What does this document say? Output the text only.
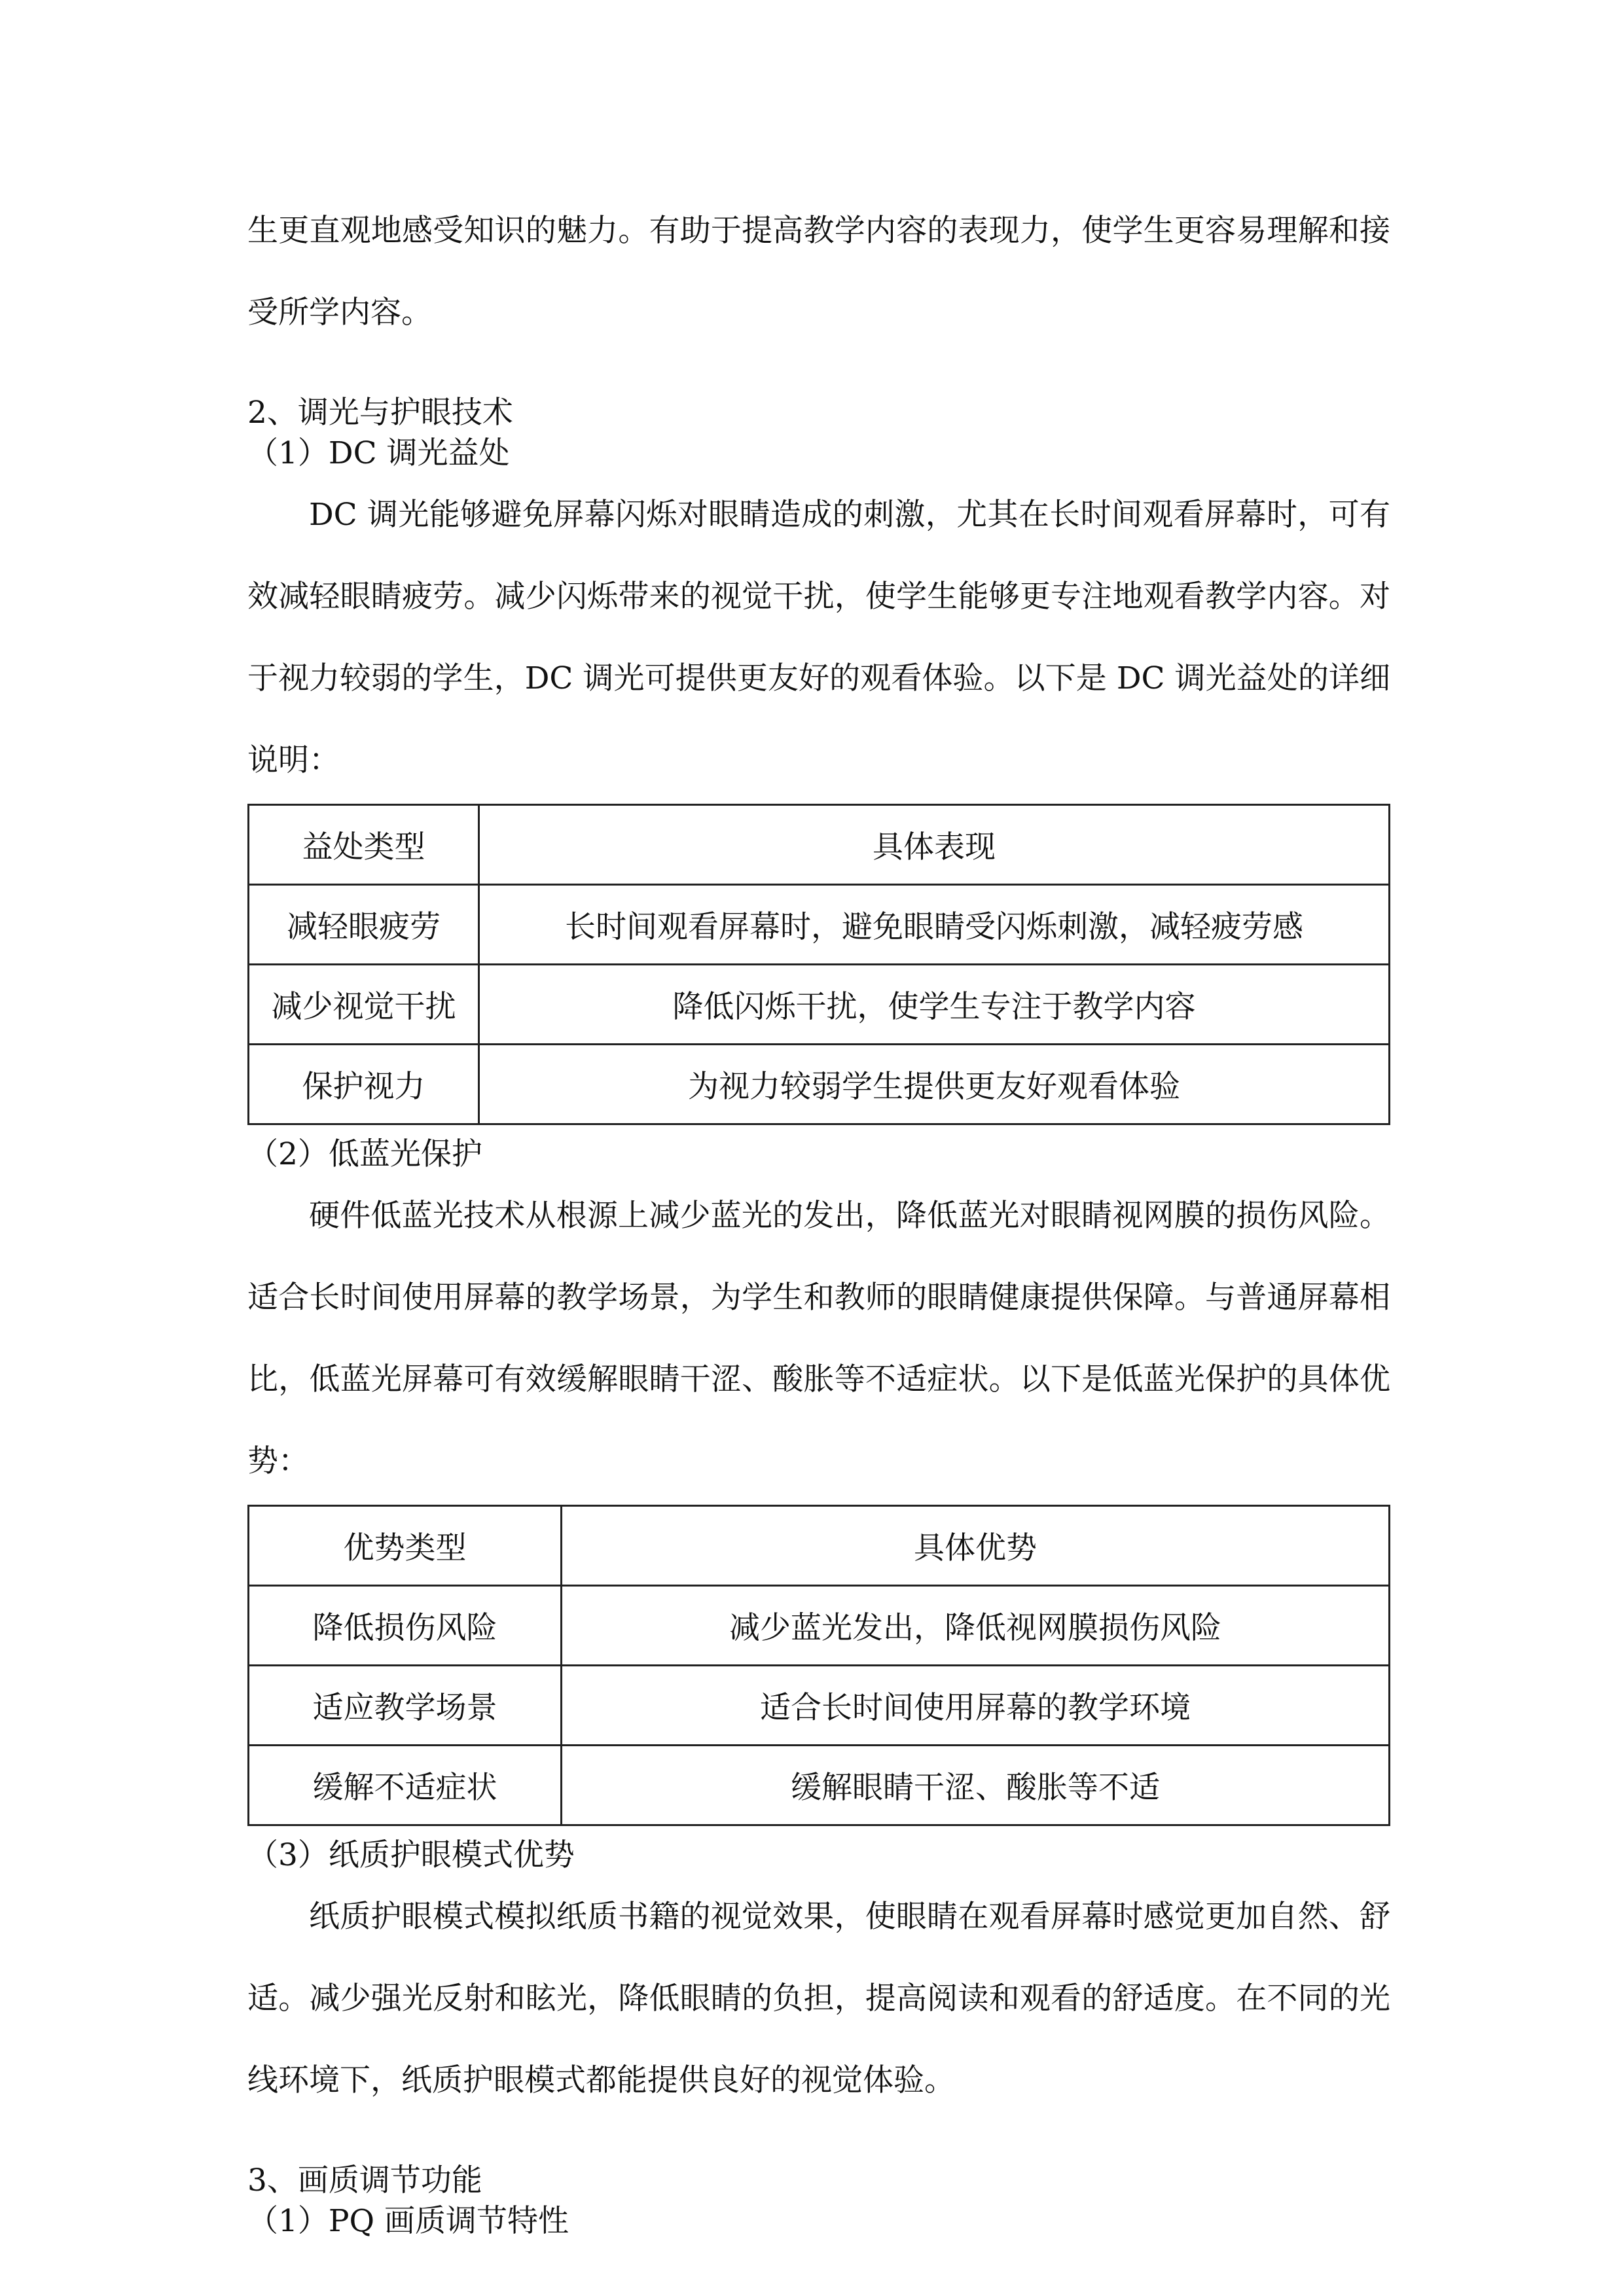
生更直观地感受知识的魅力。有助于提高教学内容的表现力，使学生更容易理解和接受所学内容。

2、调光与护眼技术

（1）DC 调光益处

DC 调光能够避免屏幕闪烁对眼睛造成的刺激，尤其在长时间观看屏幕时，可有效减轻眼睛疲劳。减少闪烁带来的视觉干扰，使学生能够更专注地观看教学内容。对于视力较弱的学生，DC 调光可提供更友好的观看体验。以下是 DC 调光益处的详细说明：

益处类型	具体表现
减轻眼疲劳	长时间观看屏幕时，避免眼睛受闪烁刺激，减轻疲劳感
减少视觉干扰	降低闪烁干扰，使学生专注于教学内容
保护视力	为视力较弱学生提供更友好观看体验

（2）低蓝光保护

硬件低蓝光技术从根源上减少蓝光的发出，降低蓝光对眼睛视网膜的损伤风险。适合长时间使用屏幕的教学场景，为学生和教师的眼睛健康提供保障。与普通屏幕相比，低蓝光屏幕可有效缓解眼睛干涩、酸胀等不适症状。以下是低蓝光保护的具体优势：

优势类型	具体优势
降低损伤风险	减少蓝光发出，降低视网膜损伤风险
适应教学场景	适合长时间使用屏幕的教学环境
缓解不适症状	缓解眼睛干涩、酸胀等不适

（3）纸质护眼模式优势

纸质护眼模式模拟纸质书籍的视觉效果，使眼睛在观看屏幕时感觉更加自然、舒适。减少强光反射和眩光，降低眼睛的负担，提高阅读和观看的舒适度。在不同的光线环境下，纸质护眼模式都能提供良好的视觉体验。

3、画质调节功能

（1）PQ 画质调节特性
